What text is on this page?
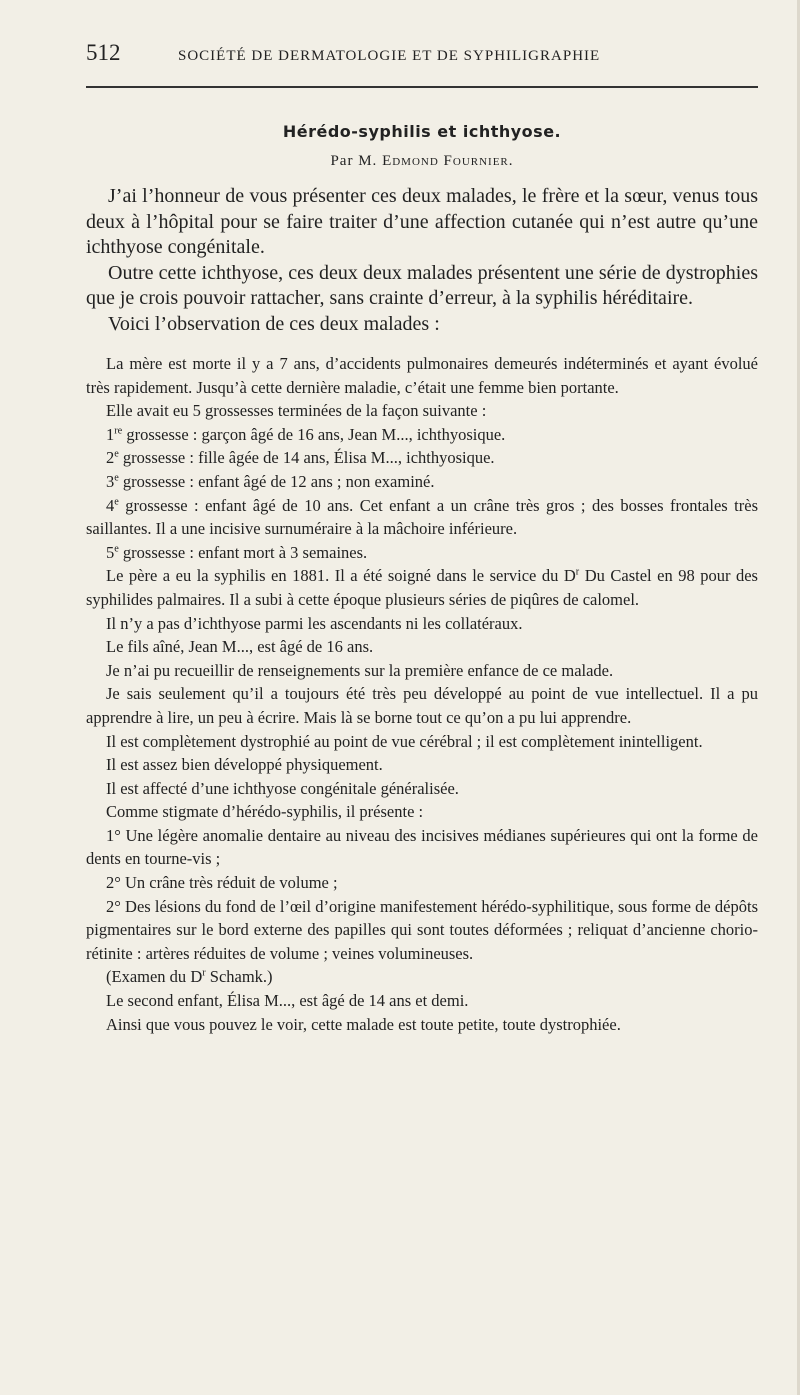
512	SOCIÉTÉ DE DERMATOLOGIE ET DE SYPHILIGRAPHIE
Hérédo-syphilis et ichthyose.
Par M. Edmond Fournier.

J’ai l’honneur de vous présenter ces deux malades, le frère et la sœur, venus tous deux à l’hôpital pour se faire traiter d’une affection cutanée qui n’est autre qu’une ichthyose congénitale.

Outre cette ichthyose, ces deux deux malades présentent une série de dystrophies que je crois pouvoir rattacher, sans crainte d’erreur, à la syphilis héréditaire.

Voici l’observation de ces deux malades :

La mère est morte il y a 7 ans, d’accidents pulmonaires demeurés indéterminés et ayant évolué très rapidement. Jusqu’à cette dernière maladie, c’était une femme bien portante.

Elle avait eu 5 grossesses terminées de la façon suivante :

1re grossesse : garçon âgé de 16 ans, Jean M..., ichthyosique.

2e grossesse : fille âgée de 14 ans, Élisa M..., ichthyosique.

3e grossesse : enfant âgé de 12 ans ; non examiné.

4e grossesse : enfant âgé de 10 ans. Cet enfant a un crâne très gros ; des bosses frontales très saillantes. Il a une incisive surnuméraire à la mâchoire inférieure.

5e grossesse : enfant mort à 3 semaines.

Le père a eu la syphilis en 1881. Il a été soigné dans le service du $D^r$ Du Castel en 98 pour des syphilides palmaires. Il a subi à cette époque plusieurs séries de piqûres de calomel.

Il n’y a pas d’ichthyose parmi les ascendants ni les collatéraux.

Le fils aîné, Jean M..., est âgé de 16 ans.

Je n’ai pu recueillir de renseignements sur la première enfance de ce malade.

Je sais seulement qu’il a toujours été très peu développé au point de vue intellectuel. Il a pu apprendre à lire, un peu à écrire. Mais là se borne tout ce qu’on a pu lui apprendre.

Il est complètement dystrophié au point de vue cérébral ; il est complètement inintelligent.

Il est assez bien développé physiquement.

Il est affecté d’une ichthyose congénitale généralisée.

Comme stigmate d’hérédo-syphilis, il présente :

1° Une légère anomalie dentaire au niveau des incisives médianes supérieures qui ont la forme de dents en tourne-vis ;

2° Un crâne très réduit de volume ;

2° Des lésions du fond de l’œil d’origine manifestement hérédo-syphilitique, sous forme de dépôts pigmentaires sur le bord externe des papilles qui sont toutes déformées ; reliquat d’ancienne chorio-rétinite : artères réduites de volume ; veines volumineuses.

(Examen du $D^r$ Schamk.)

Le second enfant, Élisa M..., est âgé de 14 ans et demi.

Ainsi que vous pouvez le voir, cette malade est toute petite, toute dystrophiée.
